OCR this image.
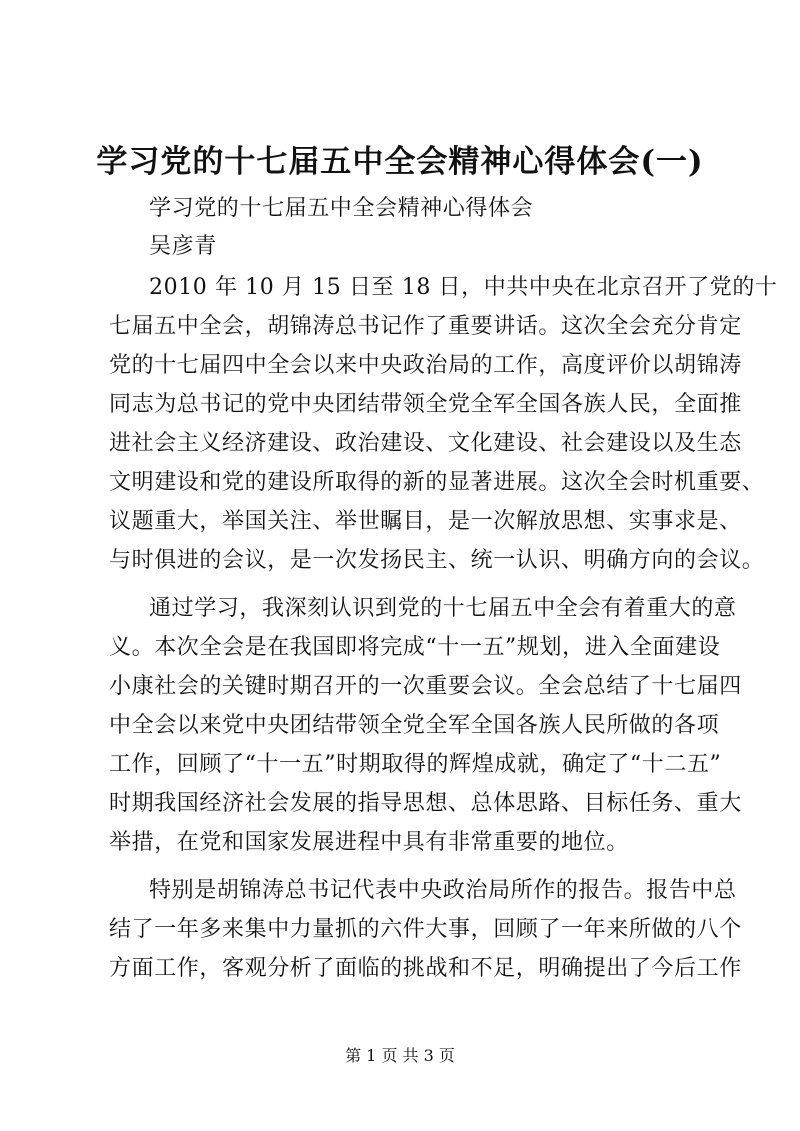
学习党的十七届五中全会精神心得体会(一)
学习党的十七届五中全会精神心得体会
吴彦青
2010 年 10 月 15 日至 18 日，中共中央在北京召开了党的十
七届五中全会，胡锦涛总书记作了重要讲话。这次全会充分肯定
党的十七届四中全会以来中央政治局的工作，高度评价以胡锦涛
同志为总书记的党中央团结带领全党全军全国各族人民，全面推
进社会主义经济建设、政治建设、文化建设、社会建设以及生态
文明建设和党的建设所取得的新的显著进展。这次全会时机重要、
议题重大，举国关注、举世瞩目，是一次解放思想、实事求是、
与时俱进的会议，是一次发扬民主、统一认识、明确方向的会议。
通过学习，我深刻认识到党的十七届五中全会有着重大的意
义。本次全会是在我国即将完成“十一五”规划，进入全面建设
小康社会的关键时期召开的一次重要会议。全会总结了十七届四
中全会以来党中央团结带领全党全军全国各族人民所做的各项
工作，回顾了“十一五”时期取得的辉煌成就，确定了“十二五”
时期我国经济社会发展的指导思想、总体思路、目标任务、重大
举措，在党和国家发展进程中具有非常重要的地位。
特别是胡锦涛总书记代表中央政治局所作的报告。报告中总
结了一年多来集中力量抓的六件大事，回顾了一年来所做的八个
方面工作，客观分析了面临的挑战和不足，明确提出了今后工作
第 1 页 共 3 页
